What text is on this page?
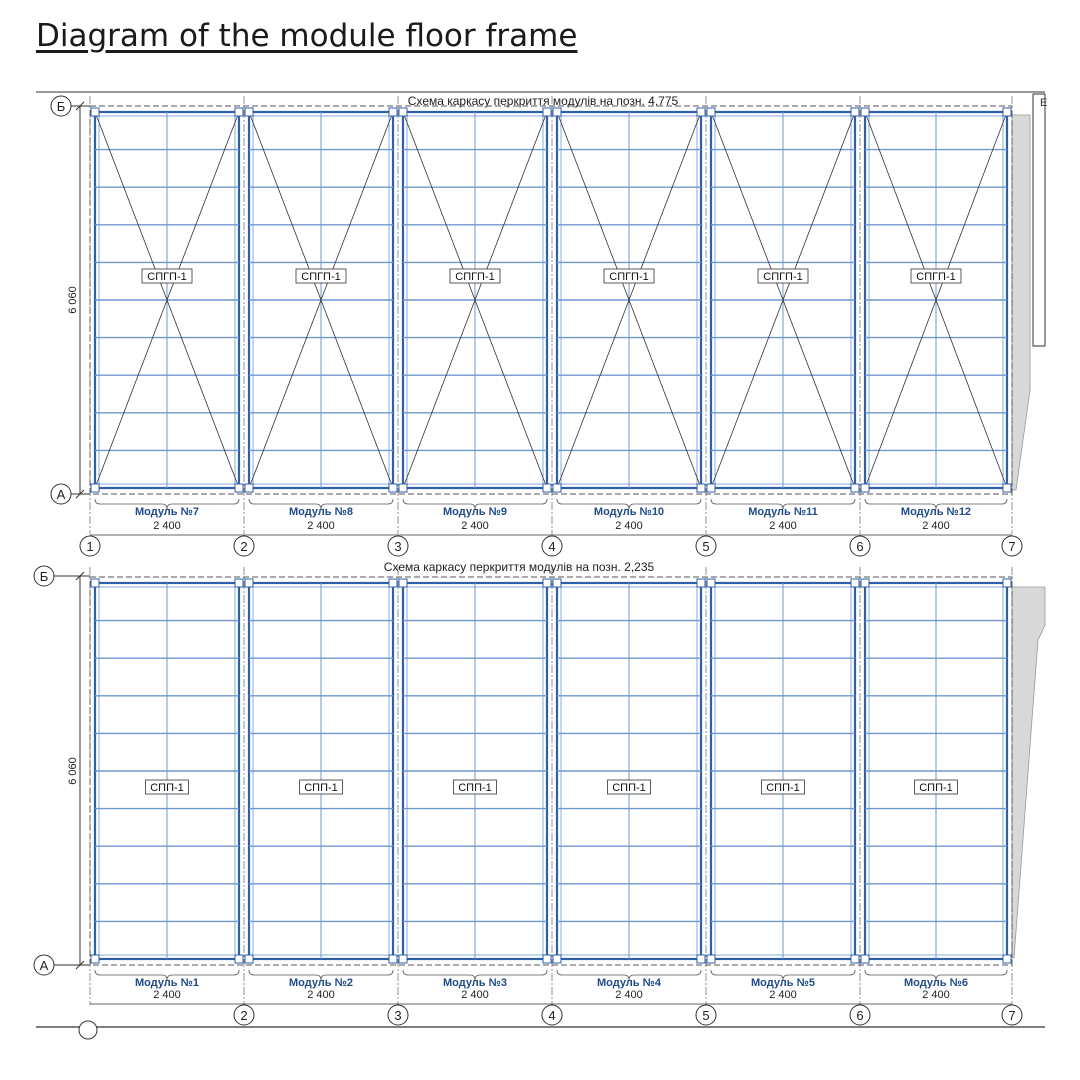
Diagram of the module floor frame
Схема каркасу перкриття модулів на позн. 4,775
Б
А
6 060
Е
Схема каркасу перкриття модулів на позн. 2,235
Б
А
6 060
СПГП-1
Модуль №7
2 400
СПГП-1
Модуль №8
2 400
СПГП-1
Модуль №9
2 400
СПГП-1
Модуль №10
2 400
СПГП-1
Модуль №11
2 400
СПГП-1
Модуль №12
2 400
1	2	3	4	5	6	7
СПП-1
Модуль №1
2 400
СПП-1
Модуль №2
2 400
СПП-1
Модуль №3
2 400
СПП-1
Модуль №4
2 400
СПП-1
Модуль №5
2 400
СПП-1
Модуль №6
2 400
2	3	4	5	6	7
